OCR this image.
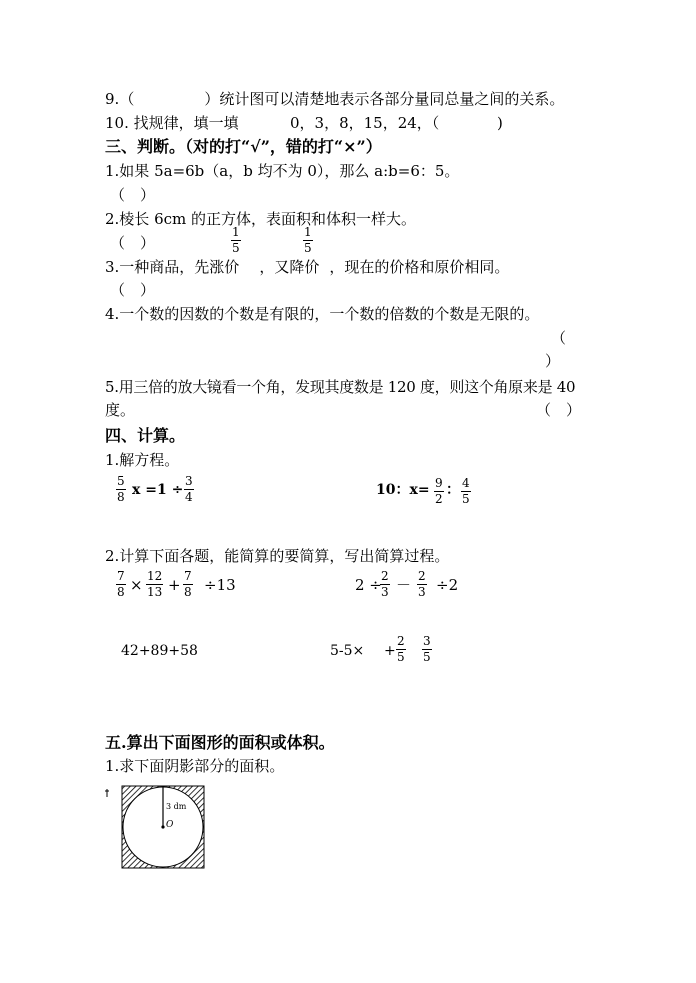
9.（	）统计图可以清楚地表示各部分量同总量之间的关系。
10. 找规律，填一填	0，3，8，15，24，（	)
三、判断。（对的打“√”，错的打“×”）
1.如果 5a=6b（a，b 均不为 0），那么 a:b=6：5。
（　）
2.棱长 6cm 的正方体，表面积和体积一样大。
（　）
1
5
1
5
3.一种商品，先涨价 ，又降价 ，现在的价格和原价相同。
（　）
4.一个数的因数的个数是有限的，一个数的倍数的个数是无限的。
（
）
5.用三倍的放大镜看一个角，发现其度数是 120 度，则这个角原来是 40
度。	（　）
四、计算。
1.解方程。
5
8 x =1 ÷
3
4	10：x= 9
2
： 4
5
2.计算下面各题，能简算的要简算，写出简算过程。
7
8 × 12
13 + 7
8 ÷13	2 ÷ 2
3 － 2
3 ÷2
42+89+58	5-5× +
2
5
3
5
五.算出下面图形的面积或体积。
1.求下面阴影部分的面积。
3 dm
O
